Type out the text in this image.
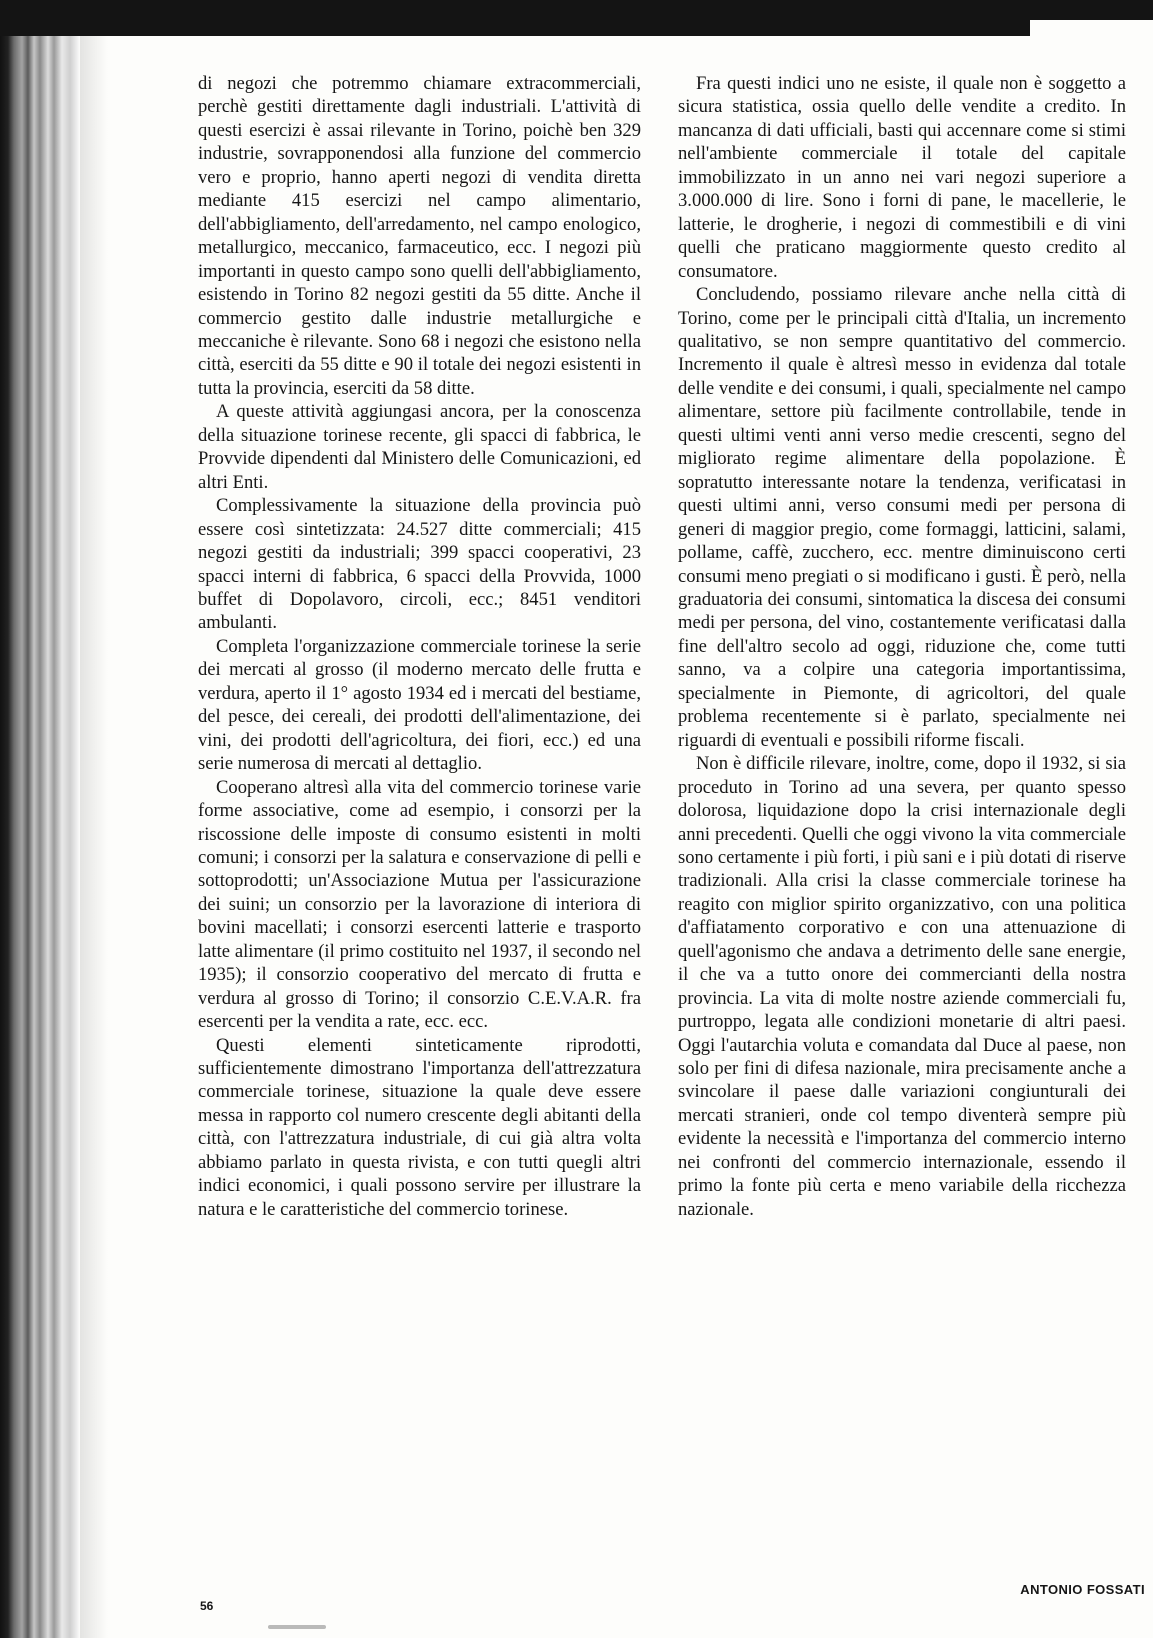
di negozi che potremmo chiamare extracommerciali, perchè gestiti direttamente dagli industriali. L'attività di questi esercizi è assai rilevante in Torino, poichè ben 329 industrie, sovrapponendosi alla funzione del commercio vero e proprio, hanno aperti negozi di vendita diretta mediante 415 esercizi nel campo alimentario, dell'abbigliamento, dell'arredamento, nel campo enologico, metallurgico, meccanico, farmaceutico, ecc. I negozi più importanti in questo campo sono quelli dell'abbigliamento, esistendo in Torino 82 negozi gestiti da 55 ditte. Anche il commercio gestito dalle industrie metallurgiche e meccaniche è rilevante. Sono 68 i negozi che esistono nella città, eserciti da 55 ditte e 90 il totale dei negozi esistenti in tutta la provincia, eserciti da 58 ditte.

A queste attività aggiungasi ancora, per la conoscenza della situazione torinese recente, gli spacci di fabbrica, le Provvide dipendenti dal Ministero delle Comunicazioni, ed altri Enti.

Complessivamente la situazione della provincia può essere così sintetizzata: 24.527 ditte commerciali; 415 negozi gestiti da industriali; 399 spacci cooperativi, 23 spacci interni di fabbrica, 6 spacci della Provvida, 1000 buffet di Dopolavoro, circoli, ecc.; 8451 venditori ambulanti.

Completa l'organizzazione commerciale torinese la serie dei mercati al grosso (il moderno mercato delle frutta e verdura, aperto il 1° agosto 1934 ed i mercati del bestiame, del pesce, dei cereali, dei prodotti dell'alimentazione, dei vini, dei prodotti dell'agricoltura, dei fiori, ecc.) ed una serie numerosa di mercati al dettaglio.

Cooperano altresì alla vita del commercio torinese varie forme associative, come ad esempio, i consorzi per la riscossione delle imposte di consumo esistenti in molti comuni; i consorzi per la salatura e conservazione di pelli e sottoprodotti; un'Associazione Mutua per l'assicurazione dei suini; un consorzio per la lavorazione di interiora di bovini macellati; i consorzi esercenti latterie e trasporto latte alimentare (il primo costituito nel 1937, il secondo nel 1935); il consorzio cooperativo del mercato di frutta e verdura al grosso di Torino; il consorzio C.E.V.A.R. fra esercenti per la vendita a rate, ecc. ecc.

Questi elementi sinteticamente riprodotti, sufficientemente dimostrano l'importanza dell'attrezzatura commerciale torinese, situazione la quale deve essere messa in rapporto col numero crescente degli abitanti della città, con l'attrezzatura industriale, di cui già altra volta abbiamo parlato in questa rivista, e con tutti quegli altri indici economici, i quali possono servire per illustrare la natura e le caratteristiche del commercio torinese.

Fra questi indici uno ne esiste, il quale non è soggetto a sicura statistica, ossia quello delle vendite a credito. In mancanza di dati ufficiali, basti qui accennare come si stimi nell'ambiente commerciale il totale del capitale immobilizzato in un anno nei vari negozi superiore a 3.000.000 di lire. Sono i forni di pane, le macellerie, le latterie, le drogherie, i negozi di commestibili e di vini quelli che praticano maggiormente questo credito al consumatore.

Concludendo, possiamo rilevare anche nella città di Torino, come per le principali città d'Italia, un incremento qualitativo, se non sempre quantitativo del commercio. Incremento il quale è altresì messo in evidenza dal totale delle vendite e dei consumi, i quali, specialmente nel campo alimentare, settore più facilmente controllabile, tende in questi ultimi venti anni verso medie crescenti, segno del migliorato regime alimentare della popolazione. È sopratutto interessante notare la tendenza, verificatasi in questi ultimi anni, verso consumi medi per persona di generi di maggior pregio, come formaggi, latticini, salami, pollame, caffè, zucchero, ecc. mentre diminuiscono certi consumi meno pregiati o si modificano i gusti. È però, nella graduatoria dei consumi, sintomatica la discesa dei consumi medi per persona, del vino, costantemente verificatasi dalla fine dell'altro secolo ad oggi, riduzione che, come tutti sanno, va a colpire una categoria importantissima, specialmente in Piemonte, di agricoltori, del quale problema recentemente si è parlato, specialmente nei riguardi di eventuali e possibili riforme fiscali.

Non è difficile rilevare, inoltre, come, dopo il 1932, si sia proceduto in Torino ad una severa, per quanto spesso dolorosa, liquidazione dopo la crisi internazionale degli anni precedenti. Quelli che oggi vivono la vita commerciale sono certamente i più forti, i più sani e i più dotati di riserve tradizionali. Alla crisi la classe commerciale torinese ha reagito con miglior spirito organizzativo, con una politica d'affiatamento corporativo e con una attenuazione di quell'agonismo che andava a detrimento delle sane energie, il che va a tutto onore dei commercianti della nostra provincia. La vita di molte nostre aziende commerciali fu, purtroppo, legata alle condizioni monetarie di altri paesi. Oggi l'autarchia voluta e comandata dal Duce al paese, non solo per fini di difesa nazionale, mira precisamente anche a svincolare il paese dalle variazioni congiunturali dei mercati stranieri, onde col tempo diventerà sempre più evidente la necessità e l'importanza del commercio interno nei confronti del commercio internazionale, essendo il primo la fonte più certa e meno variabile della ricchezza nazionale.

ANTONIO FOSSATI
56
